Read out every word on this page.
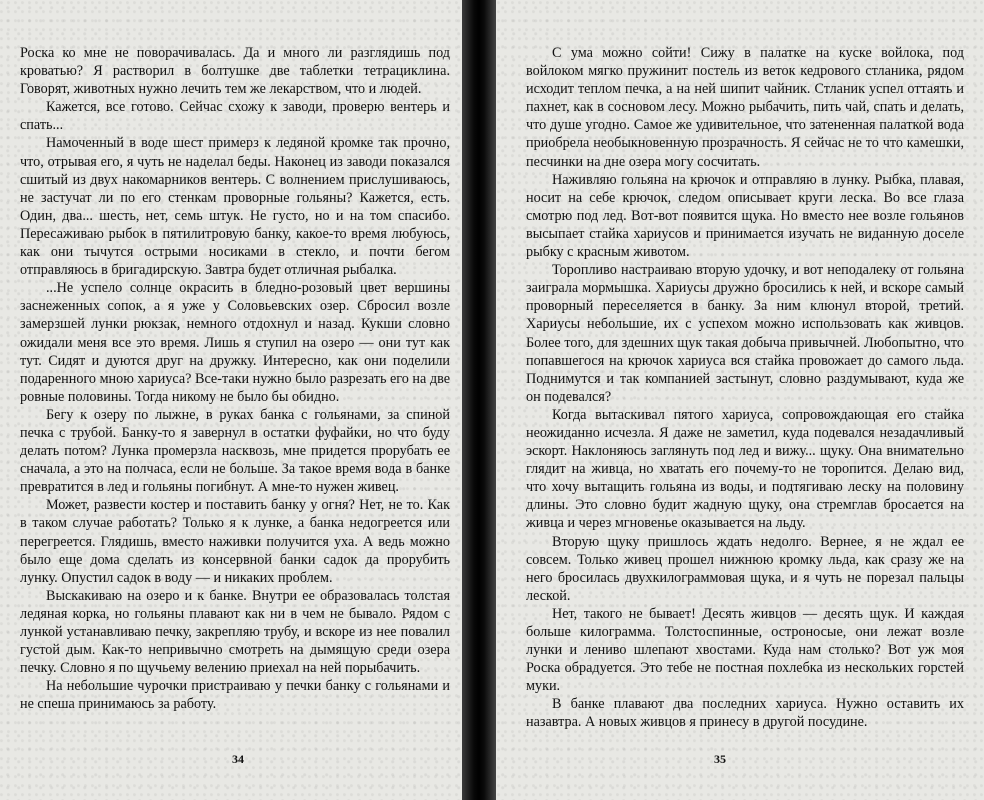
Роска ко мне не поворачивалась. Да и много ли разглядишь под кроватью? Я растворил в болтушке две таблетки тетрациклина. Говорят, животных нужно лечить тем же лекарством, что и людей.

Кажется, все готово. Сейчас схожу к заводи, проверю вентерь и спать...

Намоченный в воде шест примерз к ледяной кромке так прочно, что, отрывая его, я чуть не наделал беды. Наконец из заводи показался сшитый из двух накомарников вентерь. С волнением прислушиваюсь, не застучат ли по его стенкам проворные гольяны? Кажется, есть. Один, два... шесть, нет, семь штук. Не густо, но и на том спасибо. Пересаживаю рыбок в пятилитровую банку, какое-то время любуюсь, как они тычутся острыми носиками в стекло, и почти бегом отправляюсь в бригадирскую. Завтра будет отличная рыбалка.

...Не успело солнце окрасить в бледно-розовый цвет вершины заснеженных сопок, а я уже у Соловьевских озер. Сбросил возле замерзшей лунки рюкзак, немного отдохнул и назад. Кукши словно ожидали меня все это время. Лишь я ступил на озеро — они тут как тут. Сидят и дуются друг на дружку. Интересно, как они поделили подаренного мною хариуса? Все-таки нужно было разрезать его на две ровные половины. Тогда никому не было бы обидно.

Бегу к озеру по лыжне, в руках банка с гольянами, за спиной печка с трубой. Банку-то я завернул в остатки фуфайки, но что буду делать потом? Лунка промерзла насквозь, мне придется прорубать ее сначала, а это на полчаса, если не больше. За такое время вода в банке превратится в лед и гольяны погибнут. А мне-то нужен живец.

Может, развести костер и поставить банку у огня? Нет, не то. Как в таком случае работать? Только я к лунке, а банка недогреется или перегреется. Глядишь, вместо наживки получится уха. А ведь можно было еще дома сделать из консервной банки садок да прорубить лунку. Опустил садок в воду — и никаких проблем.

Выскакиваю на озеро и к банке. Внутри ее образовалась толстая ледяная корка, но гольяны плавают как ни в чем не бывало. Рядом с лункой устанавливаю печку, закрепляю трубу, и вскоре из нее повалил густой дым. Как-то непривычно смотреть на дымящую среди озера печку. Словно я по щучьему велению приехал на ней порыбачить.

На небольшие чурочки пристраиваю у печки банку с гольянами и не спеша принимаюсь за работу.

34

С ума можно сойти! Сижу в палатке на куске войлока, под войлоком мягко пружинит постель из веток кедрового стланика, рядом исходит теплом печка, а на ней шипит чайник. Стланик успел оттаять и пахнет, как в сосновом лесу. Можно рыбачить, пить чай, спать и делать, что душе угодно. Самое же удивительное, что затененная палаткой вода приобрела необыкновенную прозрачность. Я сейчас не то что камешки, песчинки на дне озера могу сосчитать.

Наживляю гольяна на крючок и отправляю в лунку. Рыбка, плавая, носит на себе крючок, следом описывает круги леска. Во все глаза смотрю под лед. Вот-вот появится щука. Но вместо нее возле гольянов высыпает стайка хариусов и принимается изучать не виданную доселе рыбку с красным животом.

Торопливо настраиваю вторую удочку, и вот неподалеку от гольяна заиграла мормышка. Хариусы дружно бросились к ней, и вскоре самый проворный переселяется в банку. За ним клюнул второй, третий. Хариусы небольшие, их с успехом можно использовать как живцов. Более того, для здешних щук такая добыча привычней. Любопытно, что попавшегося на крючок хариуса вся стайка провожает до самого льда. Поднимутся и так компанией застынут, словно раздумывают, куда же он подевался?

Когда вытаскивал пятого хариуса, сопровождающая его стайка неожиданно исчезла. Я даже не заметил, куда подевался незадачливый эскорт. Наклоняюсь заглянуть под лед и вижу... щуку. Она внимательно глядит на живца, но хватать его почему-то не торопится. Делаю вид, что хочу вытащить гольяна из воды, и подтягиваю леску на половину длины. Это словно будит жадную щуку, она стремглав бросается на живца и через мгновенье оказывается на льду.

Вторую щуку пришлось ждать недолго. Вернее, я не ждал ее совсем. Только живец прошел нижнюю кромку льда, как сразу же на него бросилась двухкилограммовая щука, и я чуть не порезал пальцы леской.

Нет, такого не бывает! Десять живцов — десять щук. И каждая больше килограмма. Толстоспинные, остроносые, они лежат возле лунки и лениво шлепают хвостами. Куда нам столько? Вот уж моя Роска обрадуется. Это тебе не постная похлебка из нескольких горстей муки.

В банке плавают два последних хариуса. Нужно оставить их назавтра. А новых живцов я принесу в другой посудине.

35
